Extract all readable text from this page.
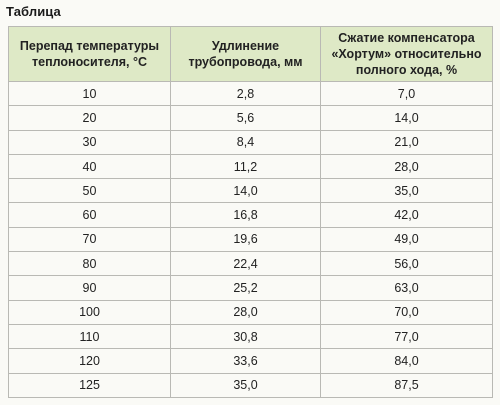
Таблица
Перепад температуры теплоносителя, °С	Удлинение трубопровода, мм	Сжатие компенсатора «Хортум» относительно полного хода, %
10	2,8	7,0
20	5,6	14,0
30	8,4	21,0
40	11,2	28,0
50	14,0	35,0
60	16,8	42,0
70	19,6	49,0
80	22,4	56,0
90	25,2	63,0
100	28,0	70,0
110	30,8	77,0
120	33,6	84,0
125	35,0	87,5
